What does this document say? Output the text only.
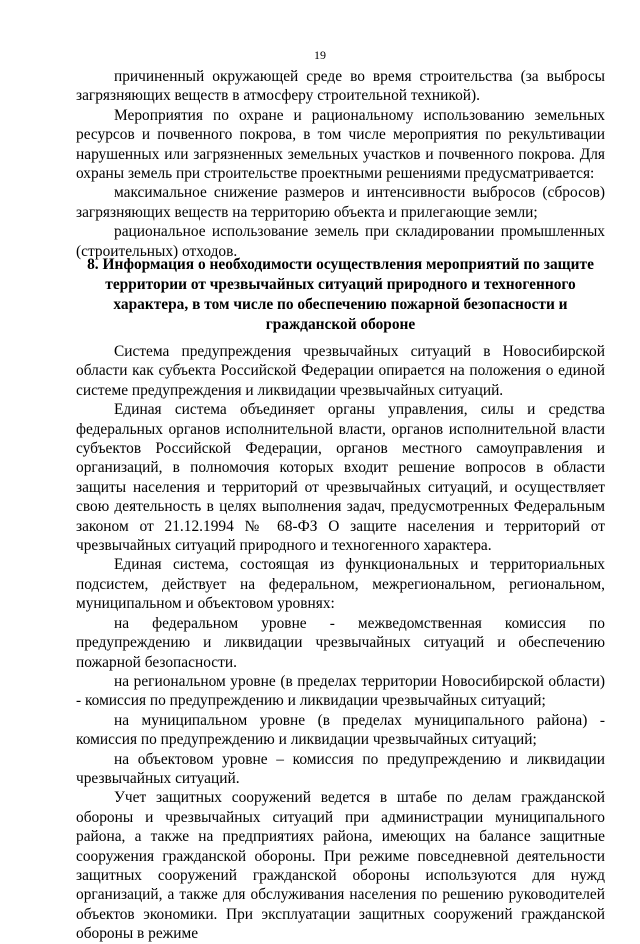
19

причиненный окружающей среде во время строительства (за выбросы загрязняющих веществ в атмосферу строительной техникой).

Мероприятия по охране и рациональному использованию земельных ресурсов и почвенного покрова, в том числе мероприятия по рекультивации нарушенных или загрязненных земельных участков и почвенного покрова. Для охраны земель при строительстве проектными решениями предусматривается:

максимальное снижение размеров и интенсивности выбросов (сбросов) загрязняющих веществ на территорию объекта и прилегающие земли;

рациональное использование земель при складировании промышленных (строительных) отходов.

8. Информация о необходимости осуществления мероприятий по защите территории от чрезвычайных ситуаций природного и техногенного характера, в том числе по обеспечению пожарной безопасности и гражданской обороне

Система предупреждения чрезвычайных ситуаций в Новосибирской области как субъекта Российской Федерации опирается на положения о единой системе предупреждения и ликвидации чрезвычайных ситуаций.

Единая система объединяет органы управления, силы и средства федеральных органов исполнительной власти, органов исполнительной власти субъектов Российской Федерации, органов местного самоуправления и организаций, в полномочия которых входит решение вопросов в области защиты населения и территорий от чрезвычайных ситуаций, и осуществляет свою деятельность в целях выполнения задач, предусмотренных Федеральным законом от 21.12.1994 № 68-ФЗ О защите населения и территорий от чрезвычайных ситуаций природного и техногенного характера.

Единая система, состоящая из функциональных и территориальных подсистем, действует на федеральном, межрегиональном, региональном, муниципальном и объектовом уровнях:

на федеральном уровне - межведомственная комиссия по предупреждению и ликвидации чрезвычайных ситуаций и обеспечению пожарной безопасности.

на региональном уровне (в пределах территории Новосибирской области) - комиссия по предупреждению и ликвидации чрезвычайных ситуаций;

на муниципальном уровне (в пределах муниципального района) - комиссия по предупреждению и ликвидации чрезвычайных ситуаций;

на объектовом уровне – комиссия по предупреждению и ликвидации чрезвычайных ситуаций.

Учет защитных сооружений ведется в штабе по делам гражданской обороны и чрезвычайных ситуаций при администрации муниципального района, а также на предприятиях района, имеющих на балансе защитные сооружения гражданской обороны. При режиме повседневной деятельности защитных сооружений гражданской обороны используются для нужд организаций, а также для обслуживания населения по решению руководителей объектов экономики. При эксплуатации защитных сооружений гражданской обороны в режиме
